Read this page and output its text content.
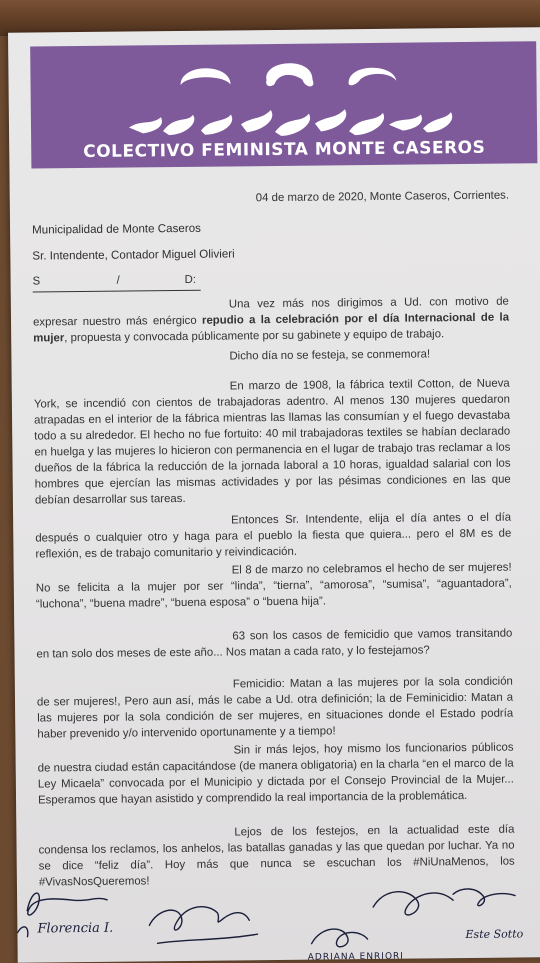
COLECTIVO FEMINISTA MONTE CASEROS
04 de marzo de 2020, Monte Caseros, Corrientes.
Municipalidad de Monte Caseros
Sr. Intendente, Contador Miguel Olivieri
S	/	D:
Una vez más nos dirigimos a Ud. con motivo de expresar nuestro más enérgico repudio a la celebración por el día Internacional de la mujer, propuesta y convocada públicamente por su gabinete y equipo de trabajo.
Dicho día no se festeja, se conmemora!
En marzo de 1908, la fábrica textil Cotton, de Nueva York, se incendió con cientos de trabajadoras adentro. Al menos 130 mujeres quedaron atrapadas en el interior de la fábrica mientras las llamas las consumían y el fuego devastaba todo a su alrededor. El hecho no fue fortuito: 40 mil trabajadoras textiles se habían declarado en huelga y las mujeres lo hicieron con permanencia en el lugar de trabajo tras reclamar a los dueños de la fábrica la reducción de la jornada laboral a 10 horas, igualdad salarial con los hombres que ejercían las mismas actividades y por las pésimas condiciones en las que debían desarrollar sus tareas.
Entonces Sr. Intendente, elija el día antes o el día después o cualquier otro y haga para el pueblo la fiesta que quiera... pero el 8M es de reflexión, es de trabajo comunitario y reivindicación.
El 8 de marzo no celebramos el hecho de ser mujeres! No se felicita a la mujer por ser “linda”, “tierna”, “amorosa”, “sumisa”, “aguantadora”, “luchona”, “buena madre”, “buena esposa” o “buena hija”.
63 son los casos de femicidio que vamos transitando en tan solo dos meses de este año... Nos matan a cada rato, y lo festejamos?
Femicidio: Matan a las mujeres por la sola condición de ser mujeres!, Pero aun así, más le cabe a Ud. otra definición; la de Feminicidio: Matan a las mujeres por la sola condición de ser mujeres, en situaciones donde el Estado podría haber prevenido y/o intervenido oportunamente y a tiempo!
Sin ir más lejos, hoy mismo los funcionarios públicos de nuestra ciudad están capacitándose (de manera obligatoria) en la charla “en el marco de la Ley Micaela” convocada por el Municipio y dictada por el Consejo Provincial de la Mujer... Esperamos que hayan asistido y comprendido la real importancia de la problemática.
Lejos de los festejos, en la actualidad este día condensa los reclamos, los anhelos, las batallas ganadas y las que quedan por luchar. Ya no se dice “feliz día”. Hoy más que nunca se escuchan los #NiUnaMenos, los #VivasNosQueremos!
Florencia I.
ADRIANA ENRIORI
Este Sotto
